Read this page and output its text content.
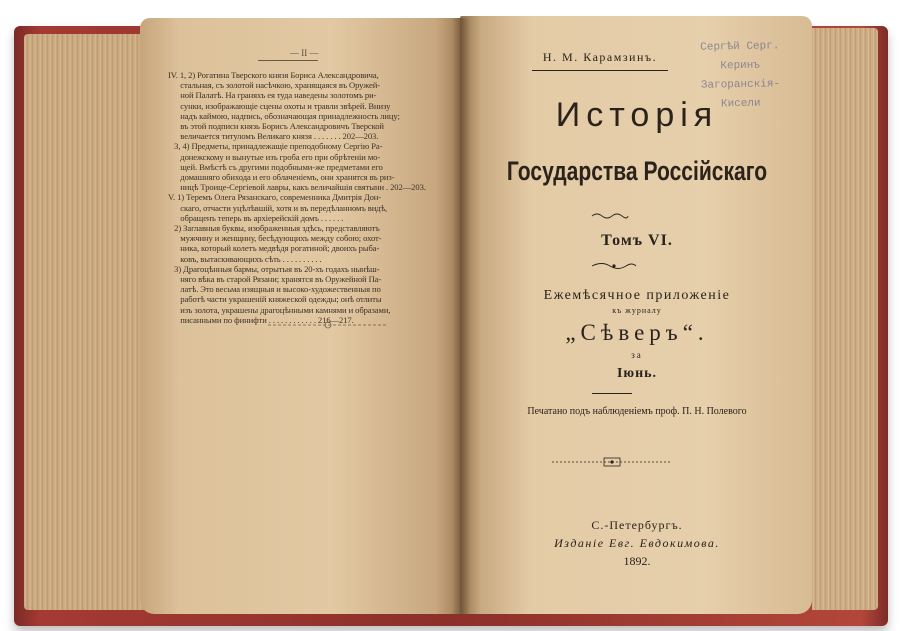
— II —
IV. 1, 2) Рогатина Тверского князя Бориса Александровича,
стальная, съ золотой насѣчкою, хранящаяся въ Оружей-
ной Палатѣ. На граняхъ ея туда наведены золотомъ ри-
сунки, изображающіе сцены охоты и травли звѣрей. Внизу
надъ каймою, надпись, обозначающая принадлежность лицу;
въ этой подписи князь Борисъ Александровичъ Тверской
величается титуломъ Великаго князя . . . . . . . 202—203.
3, 4) Предметы, принадлежащіе преподобному Сергію Ра-
донежскому и вынутые изъ гроба его при обрѣтеніи мо-
щей. Вмѣстѣ съ другими подобными-же предметами его
домашняго обихода и его облаченіемъ, они хранятся въ риз-
ницѣ Троице-Сергіевой лавры, какъ величайшія святыни . 202—203.
V. 1) Теремъ Олега Рязанскаго, современника Дмитрія Дон-
скаго, отчасти уцѣлѣвшій, хотя и въ передѣланномъ видѣ,
обращенъ теперь въ архіерейскій домъ . . . . . .
2) Заглавныя буквы, изображенныя здѣсь, представляютъ
мужчину и женщину, бесѣдующихъ между собою; охот-
ника, который колетъ медвѣдя рогатиной; двоихъ рыба-
ковъ, вытаскивающихъ сѣть . . . . . . . . . .
3) Драгоцѣнныя бармы, отрытыя въ 20-хъ годахъ нынѣш-
няго вѣка въ старой Рязани; хранятся въ Оружейной Па-
латѣ. Это весьма изящныя и высоко-художественныя по
работѣ части украшеній княжеской одежды; онѣ отлиты
изъ золота, украшены драгоцѣнными камнями и образами,
писанными по финифти . . . . . . . . . . . . 216—217.
Н. М. Карамзинъ.
Сергѣй Серг. Керинъ
Загоранскія-Кисели
Исторія
Государства Россійскаго
Томъ VI.
Ежемѣсячное приложеніе
къ журналу
„Сѣверъ“.
за
Іюнь.
Печатано подъ наблюденіемъ проф. П. Н. Полевого
С.-Петербургъ.
Изданіе Евг. Евдокимова.
1892.
